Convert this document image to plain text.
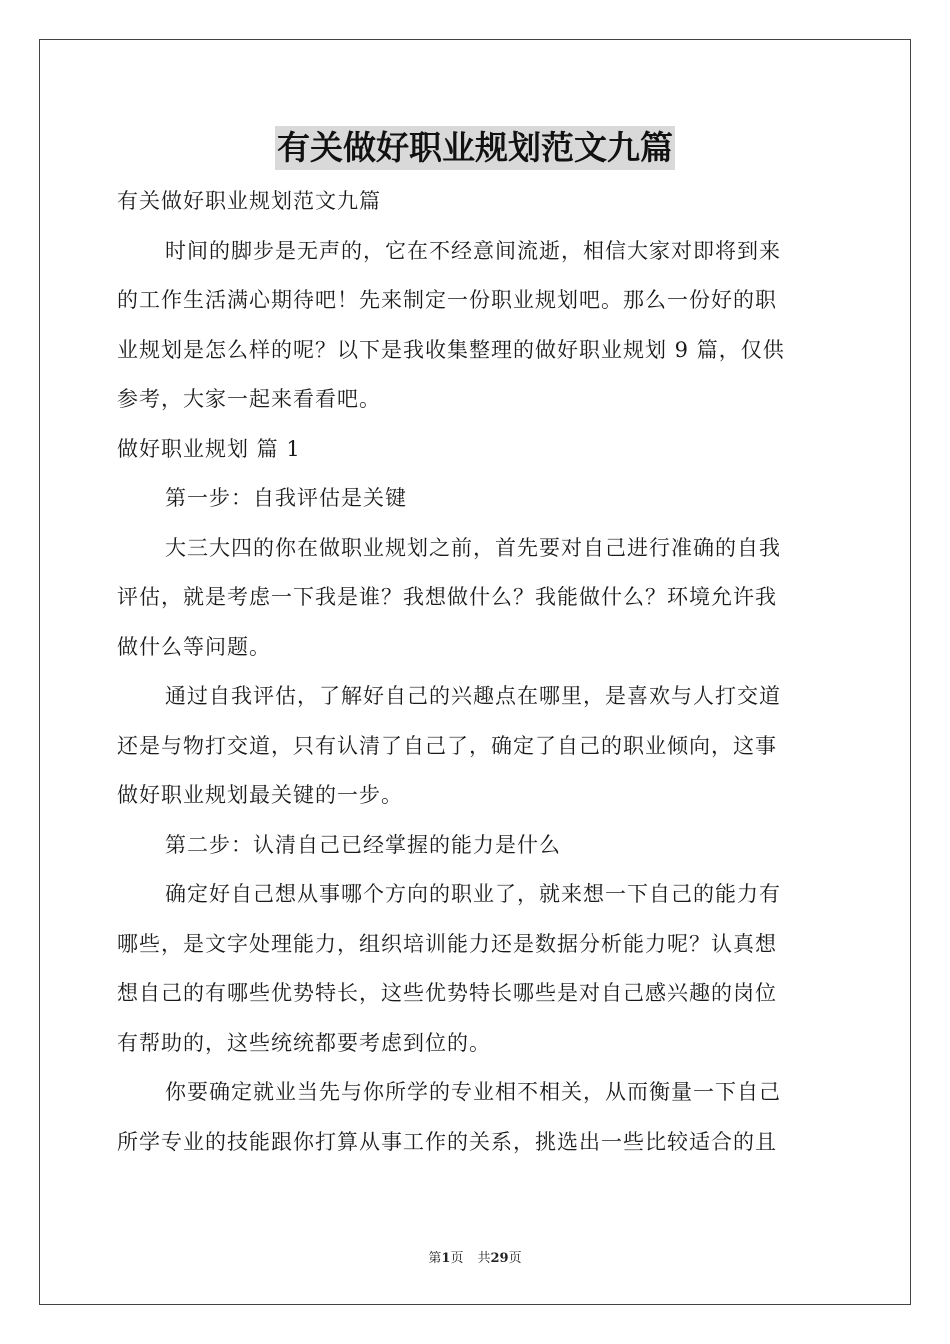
有关做好职业规划范文九篇
有关做好职业规划范文九篇
时间的脚步是无声的，它在不经意间流逝，相信大家对即将到来
的工作生活满心期待吧！先来制定一份职业规划吧。那么一份好的职
业规划是怎么样的呢？以下是我收集整理的做好职业规划 9 篇，仅供
参考，大家一起来看看吧。
做好职业规划 篇 1
第一步：自我评估是关键
大三大四的你在做职业规划之前，首先要对自己进行准确的自我
评估，就是考虑一下我是谁？我想做什么？我能做什么？环境允许我
做什么等问题。
通过自我评估，了解好自己的兴趣点在哪里，是喜欢与人打交道
还是与物打交道，只有认清了自己了，确定了自己的职业倾向，这事
做好职业规划最关键的一步。
第二步：认清自己已经掌握的能力是什么
确定好自己想从事哪个方向的职业了，就来想一下自己的能力有
哪些，是文字处理能力，组织培训能力还是数据分析能力呢？认真想
想自己的有哪些优势特长，这些优势特长哪些是对自己感兴趣的岗位
有帮助的，这些统统都要考虑到位的。
你要确定就业当先与你所学的专业相不相关，从而衡量一下自己
所学专业的技能跟你打算从事工作的关系，挑选出一些比较适合的且
第1页 共29页
